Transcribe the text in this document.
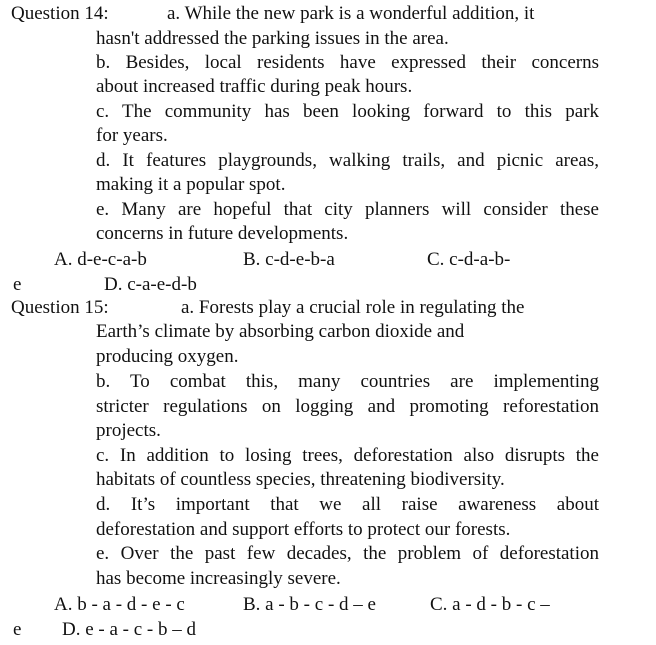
Question 14:	a. While the new park is a wonderful addition, it
hasn't addressed the parking issues in the area.
b. Besides, local residents have expressed their concerns
about increased traffic during peak hours.
c. The community has been looking forward to this park
for years.
d. It features playgrounds, walking trails, and picnic areas,
making it a popular spot.
e. Many are hopeful that city planners will consider these
concerns in future developments.
A. d-e-c-a-b	B. c-d-e-b-a	C. c-d-a-b-
e	D. c-a-e-d-b
Question 15:	a. Forests play a crucial role in regulating the
Earth’s climate by absorbing carbon dioxide and
producing oxygen.
b. To combat this, many countries are implementing
stricter regulations on logging and promoting reforestation
projects.
c. In addition to losing trees, deforestation also disrupts the
habitats of countless species, threatening biodiversity.
d. It’s important that we all raise awareness about
deforestation and support efforts to protect our forests.
e. Over the past few decades, the problem of deforestation
has become increasingly severe.
A. b - a - d - e - c	B. a - b - c - d – e	C. a - d - b - c –
e D. e - a - c - b – d
